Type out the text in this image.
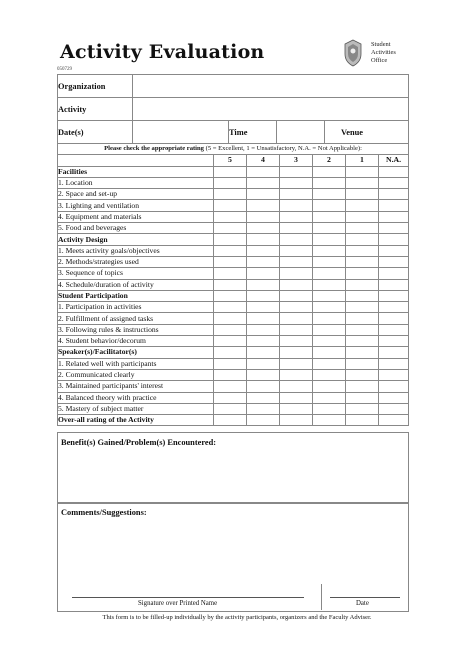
Activity Evaluation
050729
Student
Activities
Office
Organization				
Activity				
Date(s)		Time		Venue
Please check the appropriate rating (5 = Excellent, 1 = Unsatisfactory, N.A. = Not Applicable):						
	5	4	3	2	1	N.A.
Facilities						
1. Location						
2. Space and set-up						
3. Lighting and ventilation						
4. Equipment and materials						
5. Food and beverages						
Activity Design						
1. Meets activity goals/objectives						
2. Methods/strategies used						
3. Sequence of topics						
4. Schedule/duration of activity						
Student Participation						
1. Participation in activities						
2. Fulfillment of assigned tasks						
3. Following rules & instructions						
4. Student behavior/decorum						
Speaker(s)/Facilitator(s)						
1. Related well with participants						
2. Communicated clearly						
3. Maintained participants' interest						
4. Balanced theory with practice						
5. Mastery of subject matter						
Over-all rating of the Activity						
Benefit(s) Gained/Problem(s) Encountered:
Comments/Suggestions:
Signature over Printed Name	Date
This form is to be filled-up individually by the activity participants, organizers and the Faculty Adviser.
